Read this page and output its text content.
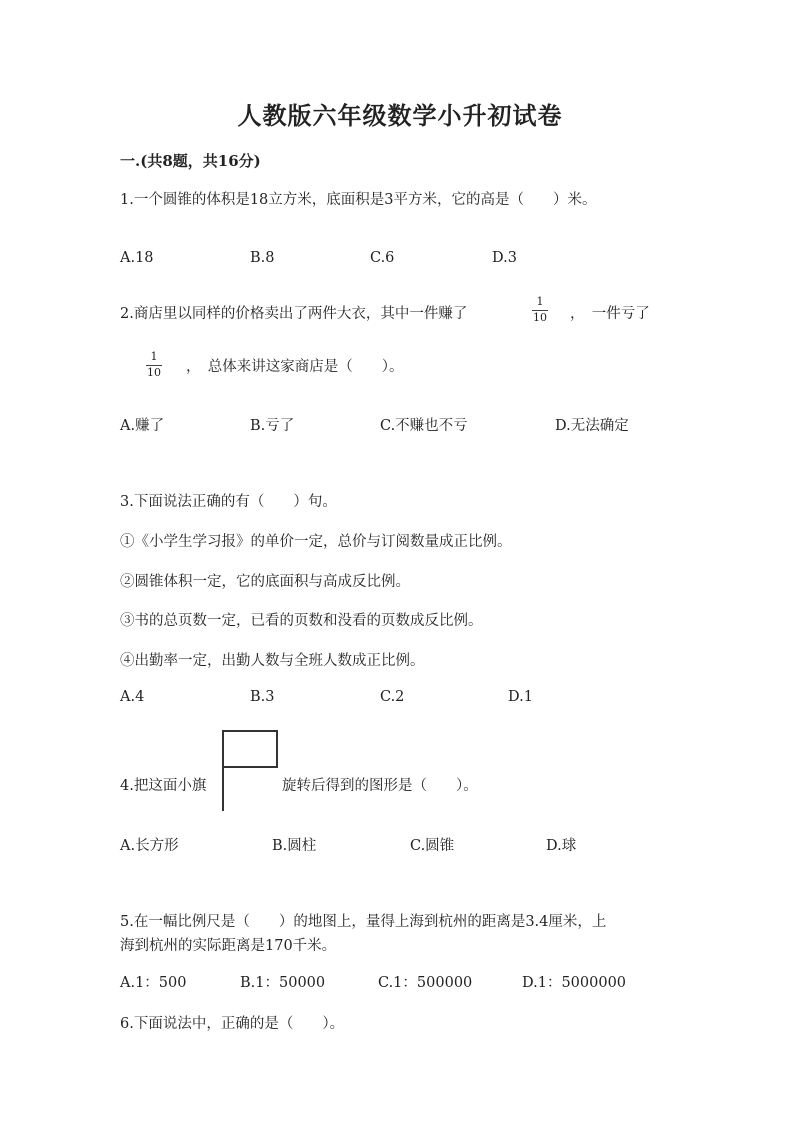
人教版六年级数学小升初试卷
一.(共8题，共16分)
1.一个圆锥的体积是18立方米，底面积是3平方米，它的高是（　　）米。
A.18	B.8	C.6	D.3
2.商店里以同样的价格卖出了两件大衣，其中一件赚了
1
10 ，　一件亏了
1
10 ，　总体来讲这家商店是（　　）。
A.赚了	B.亏了	C.不赚也不亏	D.无法确定
3.下面说法正确的有（　　）句。
①《小学生学习报》的单价一定，总价与订阅数量成正比例。
②圆锥体积一定，它的底面积与高成反比例。
③书的总页数一定，已看的页数和没看的页数成反比例。
④出勤率一定，出勤人数与全班人数成正比例。
A.4	B.3	C.2	D.1
4.把这面小旗	旋转后得到的图形是（　　）。
A.长方形	B.圆柱	C.圆锥	D.球
5.在一幅比例尺是（　　）的地图上，量得上海到杭州的距离是3.4厘米，上
海到杭州的实际距离是170千米。
A.1：500	B.1：50000	C.1：500000	D.1：5000000
6.下面说法中，正确的是（　　）。
